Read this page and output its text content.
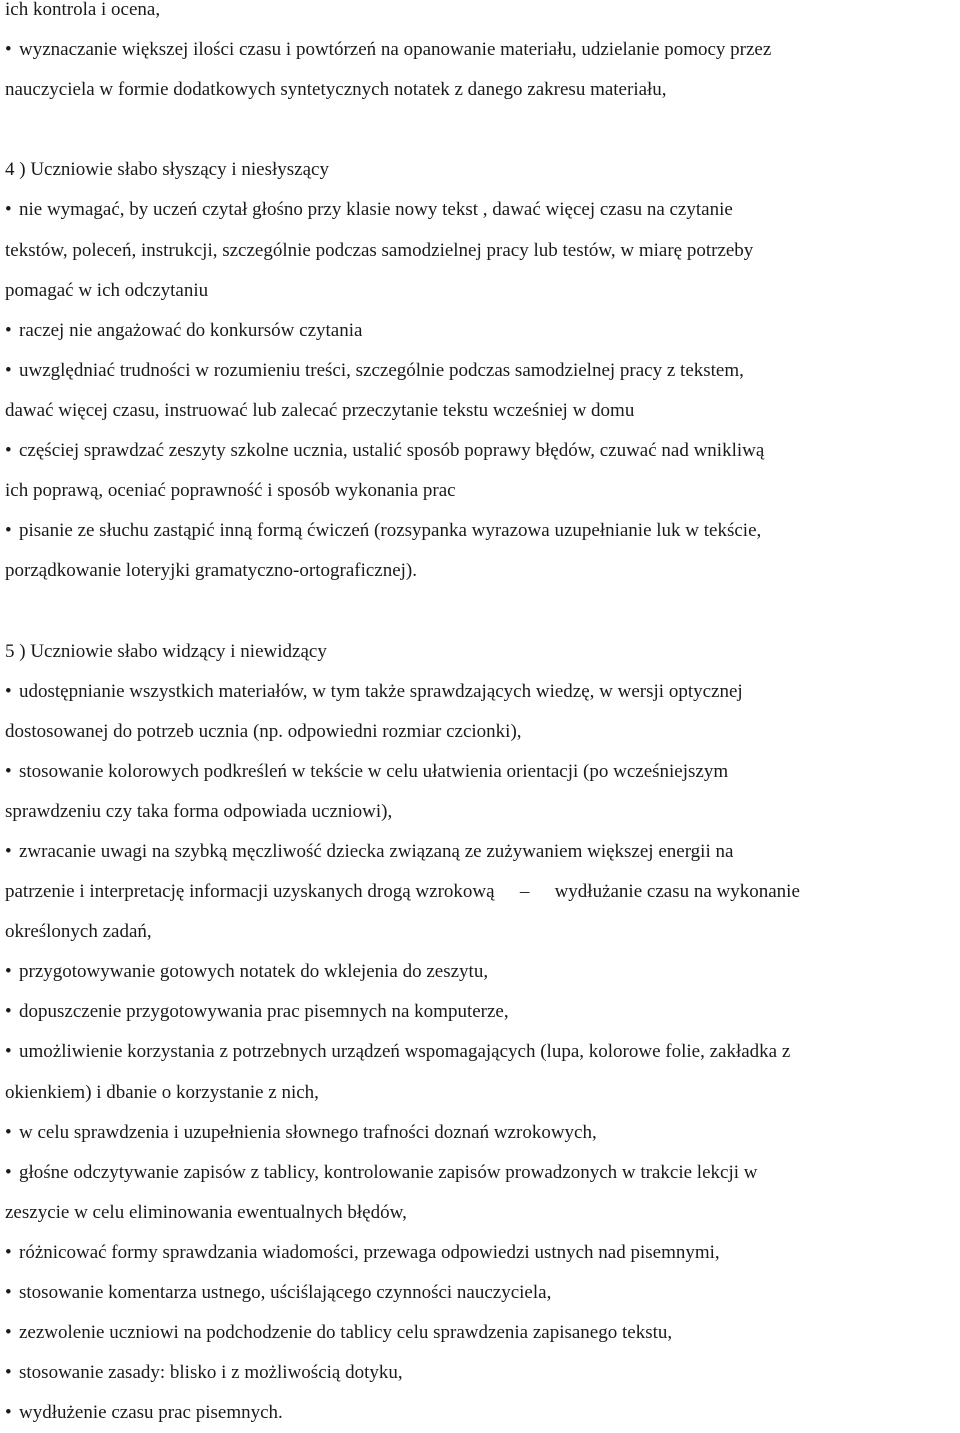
ich kontrola i ocena,
• wyznaczanie większej ilości czasu i powtórzeń na opanowanie materiału, udzielanie pomocy przez
nauczyciela w formie dodatkowych syntetycznych notatek z danego zakresu materiału,
4 ) Uczniowie słabo słyszący i niesłyszący
• nie wymagać, by uczeń czytał głośno przy klasie nowy tekst , dawać więcej czasu na czytanie
tekstów, poleceń, instrukcji, szczególnie podczas samodzielnej pracy lub testów, w miarę potrzeby
pomagać w ich odczytaniu
• raczej nie angażować do konkursów czytania
• uwzględniać trudności w rozumieniu treści, szczególnie podczas samodzielnej pracy z tekstem,
dawać więcej czasu, instruować lub zalecać przeczytanie tekstu wcześniej w domu
• częściej sprawdzać zeszyty szkolne ucznia, ustalić sposób poprawy błędów, czuwać nad wnikliwą
ich poprawą, oceniać poprawność i sposób wykonania prac
• pisanie ze słuchu zastąpić inną formą ćwiczeń (rozsypanka wyrazowa uzupełnianie luk w tekście,
porządkowanie loteryjki gramatyczno-ortograficznej).
5 ) Uczniowie słabo widzący i niewidzący
• udostępnianie wszystkich materiałów, w tym także sprawdzających wiedzę, w wersji optycznej
dostosowanej do potrzeb ucznia (np. odpowiedni rozmiar czcionki),
• stosowanie kolorowych podkreśleń w tekście w celu ułatwienia orientacji (po wcześniejszym
sprawdzeniu czy taka forma odpowiada uczniowi),
• zwracanie uwagi na szybką męczliwość dziecka związaną ze zużywaniem większej energii na
patrzenie i interpretację informacji uzyskanych drogą wzrokową – wydłużanie czasu na wykonanie
określonych zadań,
• przygotowywanie gotowych notatek do wklejenia do zeszytu,
• dopuszczenie przygotowywania prac pisemnych na komputerze,
• umożliwienie korzystania z potrzebnych urządzeń wspomagających (lupa, kolorowe folie, zakładka z
okienkiem) i dbanie o korzystanie z nich,
• w celu sprawdzenia i uzupełnienia słownego trafności doznań wzrokowych,
• głośne odczytywanie zapisów z tablicy, kontrolowanie zapisów prowadzonych w trakcie lekcji w
zeszycie w celu eliminowania ewentualnych błędów,
• różnicować formy sprawdzania wiadomości, przewaga odpowiedzi ustnych nad pisemnymi,
• stosowanie komentarza ustnego, uściślającego czynności nauczyciela,
• zezwolenie uczniowi na podchodzenie do tablicy celu sprawdzenia zapisanego tekstu,
• stosowanie zasady: blisko i z możliwością dotyku,
• wydłużenie czasu prac pisemnych.
